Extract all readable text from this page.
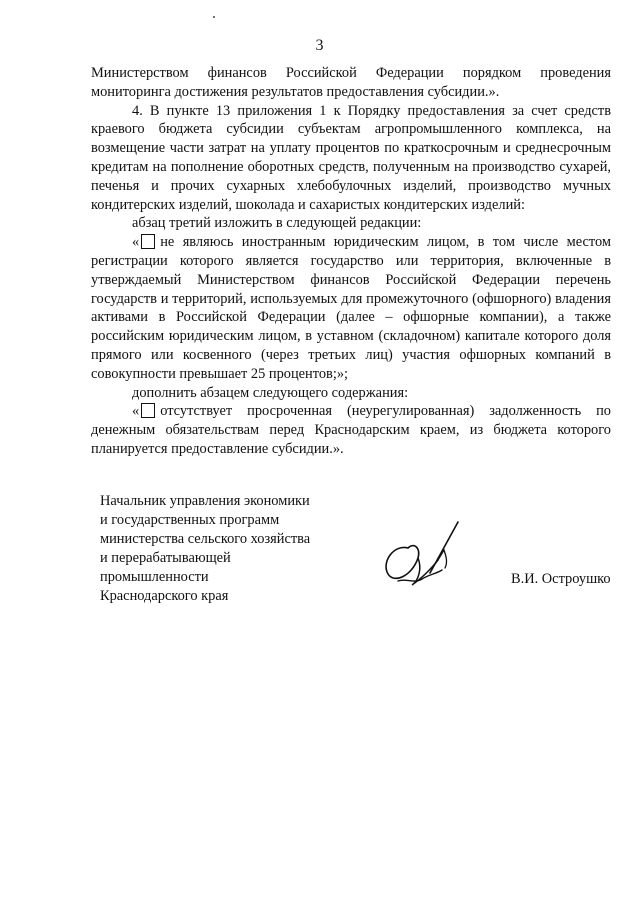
3

Министерством финансов Российской Федерации порядком проведения мониторинга достижения результатов предоставления субсидии.».

4. В пункте 13 приложения 1 к Порядку предоставления за счет средств краевого бюджета субсидии субъектам агропромышленного комплекса, на возмещение части затрат на уплату процентов по краткосрочным и среднесрочным кредитам на пополнение оборотных средств, полученным на производство сухарей, печенья и прочих сухарных хлебобулочных изделий, производство мучных кондитерских изделий, шоколада и сахаристых кондитерских изделий:

абзац третий изложить в следующей редакции:

« не являюсь иностранным юридическим лицом, в том числе местом регистрации которого является государство или территория, включенные в утверждаемый Министерством финансов Российской Федерации перечень государств и территорий, используемых для промежуточного (офшорного) владения активами в Российской Федерации (далее – офшорные компании), а также российским юридическим лицом, в уставном (складочном) капитале которого доля прямого или косвенного (через третьих лиц) участия офшорных компаний в совокупности превышает 25 процентов;»;

дополнить абзацем следующего содержания:

« отсутствует просроченная (неурегулированная) задолженность по денежным обязательствам перед Краснодарским краем, из бюджета которого планируется предоставление субсидии.».

Начальник управления экономики
и государственных программ
министерства сельского хозяйства
и перерабатывающей
промышленности
Краснодарского края
В.И. Остроушко
